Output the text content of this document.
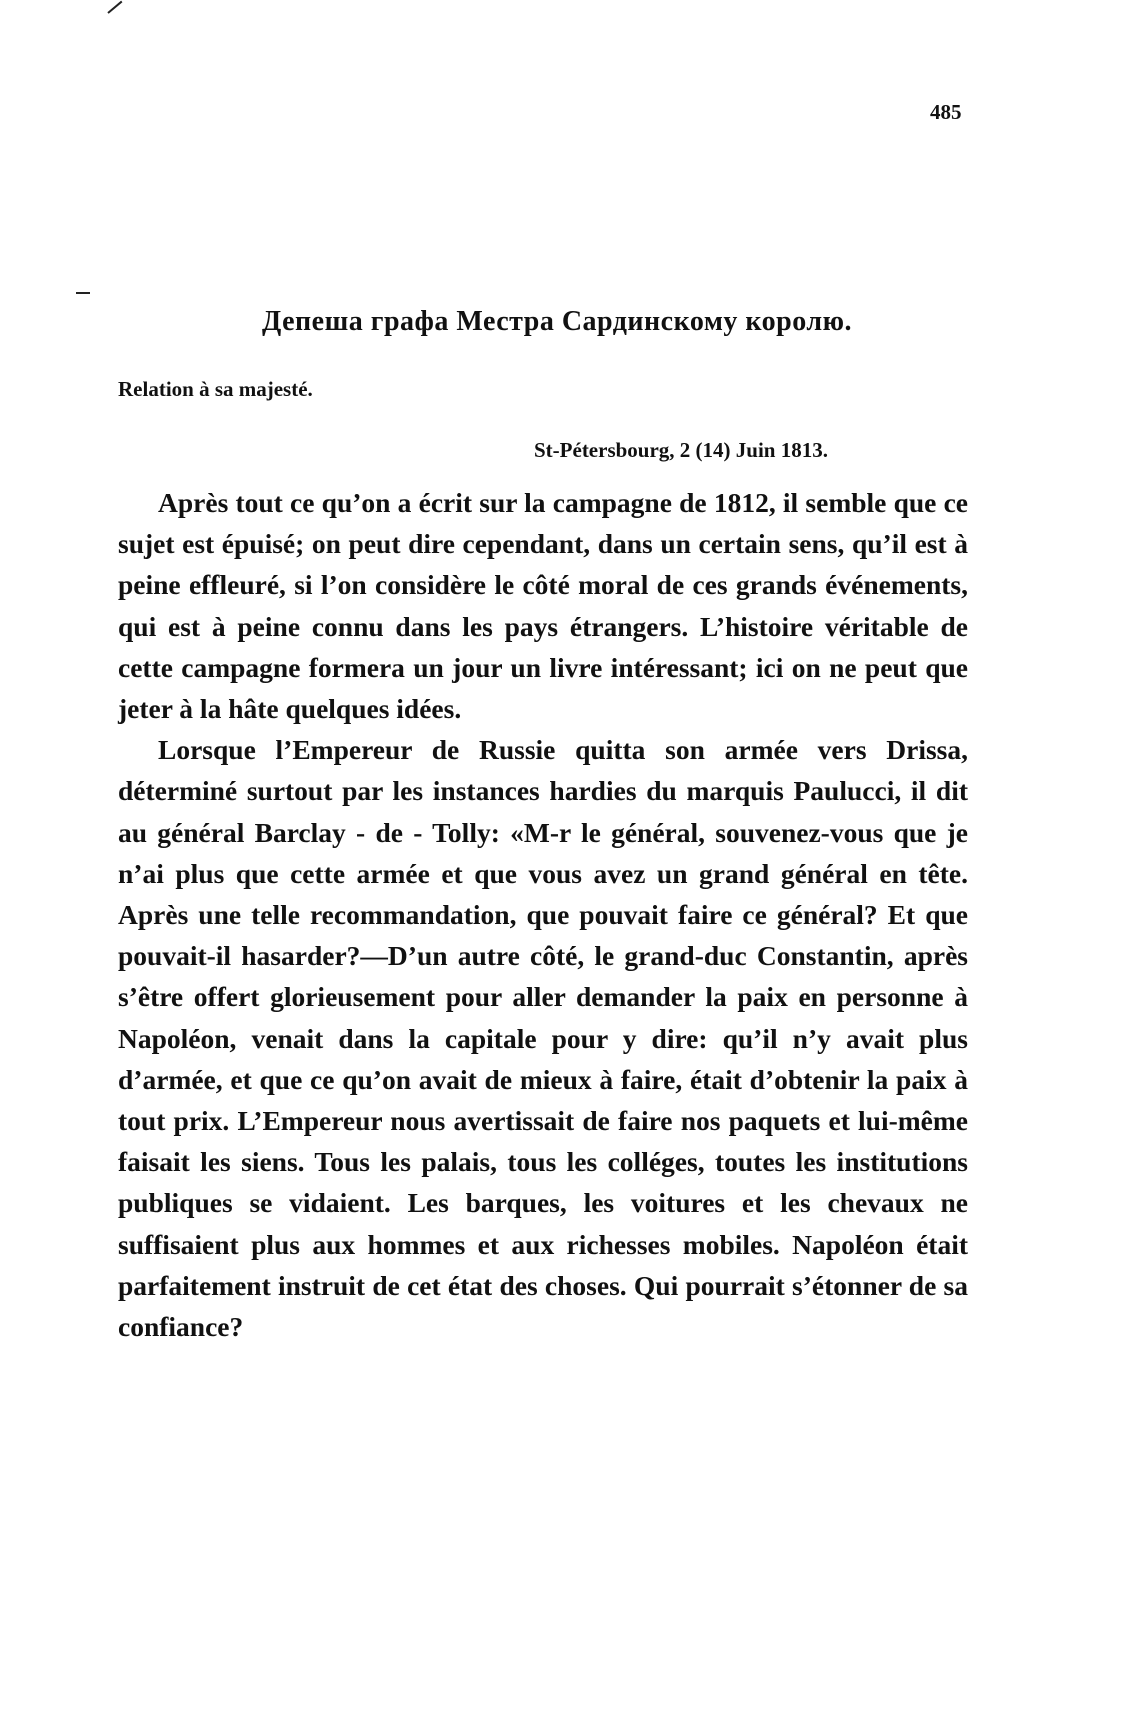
485
Депеша графа Местра Сардинскому королю.
Relation à sa majesté.
St-Pétersbourg, 2 (14) Juin 1813.

Après tout ce qu’on a écrit sur la campagne de 1812, il semble que ce sujet est épuisé; on peut dire cependant, dans un certain sens, qu’il est à peine effleuré, si l’on considère le côté moral de ces grands événements, qui est à peine connu dans les pays étrangers. L’histoire véritable de cette campagne formera un jour un livre intéressant; ici on ne peut que jeter à la hâte quelques idées.

Lorsque l’Empereur de Russie quitta son armée vers Drissa, déterminé surtout par les instances hardies du marquis Paulucci, il dit au général Barclay - de - Tolly: «M-r le général, souvenez-vous que je n’ai plus que cette armée et que vous avez un grand général en tête. Après une telle recommandation, que pouvait faire ce général? Et que pouvait-il hasarder?—D’un autre côté, le grand-duc Constantin, après s’être offert glorieusement pour aller demander la paix en personne à Napoléon, venait dans la capitale pour y dire: qu’il n’y avait plus d’armée, et que ce qu’on avait de mieux à faire, était d’obtenir la paix à tout prix. L’Empereur nous avertissait de faire nos paquets et lui-même faisait les siens. Tous les palais, tous les colléges, toutes les institutions publiques se vidaient. Les barques, les voitures et les chevaux ne suffisaient plus aux hommes et aux richesses mobiles. Napoléon était parfaitement instruit de cet état des choses. Qui pourrait s’étonner de sa confiance?
